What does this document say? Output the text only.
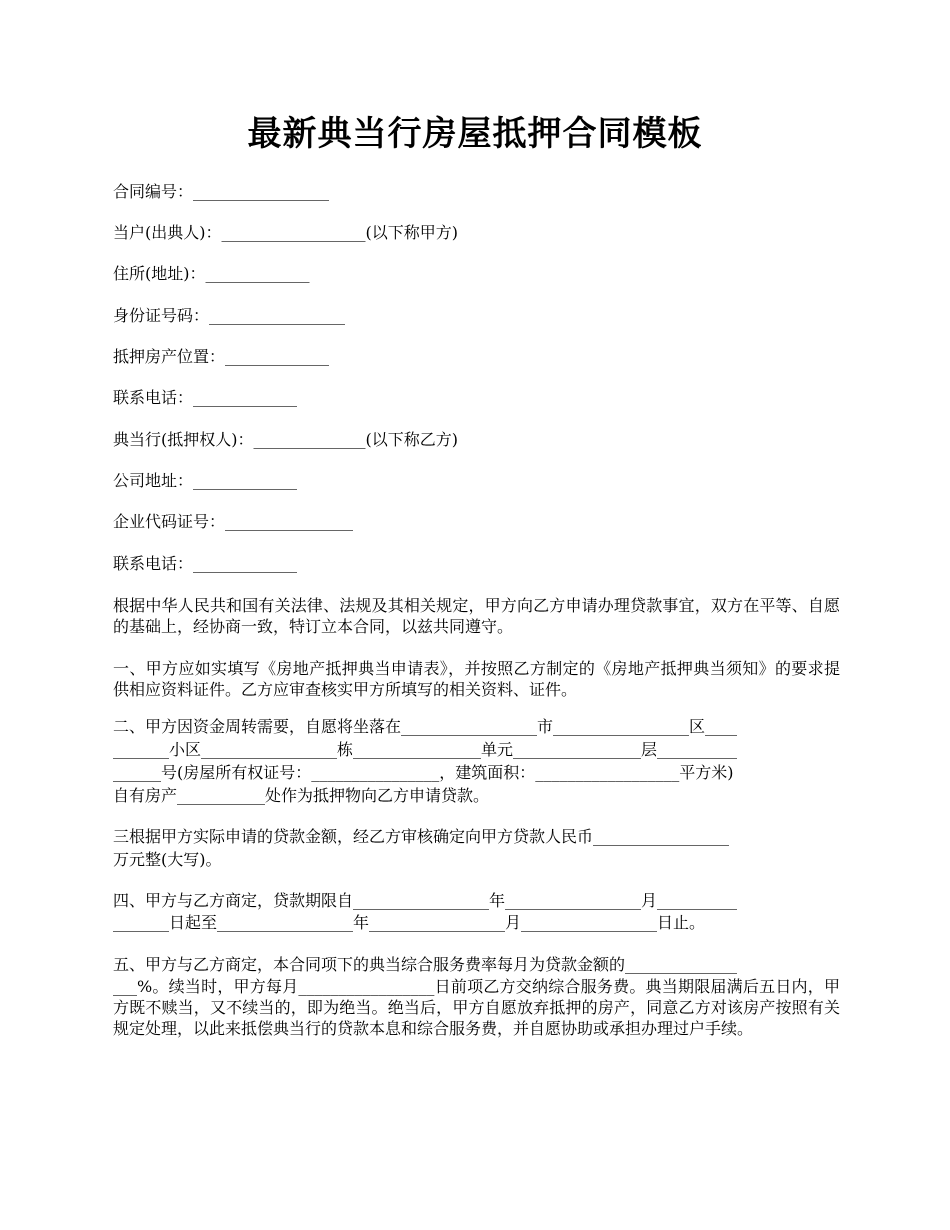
最新典当行房屋抵押合同模板
合同编号：_________________
当户(出典人)：__________________(以下称甲方)
住所(地址)：_____________
身份证号码：_________________
抵押房产位置：_____________
联系电话：_____________
典当行(抵押权人)：______________(以下称乙方)
公司地址：_____________
企业代码证号：________________
联系电话：_____________
根据中华人民共和国有关法律、法规及其相关规定，甲方向乙方申请办理贷款事宜，双方在平等、自愿的基础上，经协商一致，特订立本合同，以兹共同遵守。
一、甲方应如实填写《房地产抵押典当申请表》，并按照乙方制定的《房地产抵押典当须知》的要求提供相应资料证件。乙方应审查核实甲方所填写的相关资料、证件。
二、甲方因资金周转需要，自愿将坐落在_________________市_________________区____
_______小区_________________栋________________单元________________层__________
______号(房屋所有权证号：________________，建筑面积：__________________平方米)
自有房产___________处作为抵押物向乙方申请贷款。
三根据甲方实际申请的贷款金额，经乙方审核确定向甲方贷款人民币_________________
万元整(大写)。
四、甲方与乙方商定，贷款期限自_________________年_________________月__________
_______日起至_________________年_________________月_________________日止。
五、甲方与乙方商定，本合同项下的典当综合服务费率每月为贷款金额的______________
___%。续当时，甲方每月_________________日前项乙方交纳综合服务费。典当期限届满后五日内，甲方既不赎当，又不续当的，即为绝当。绝当后，甲方自愿放弃抵押的房产，同意乙方对该房产按照有关规定处理，以此来抵偿典当行的贷款本息和综合服务费，并自愿协助或承担办理过户手续。
